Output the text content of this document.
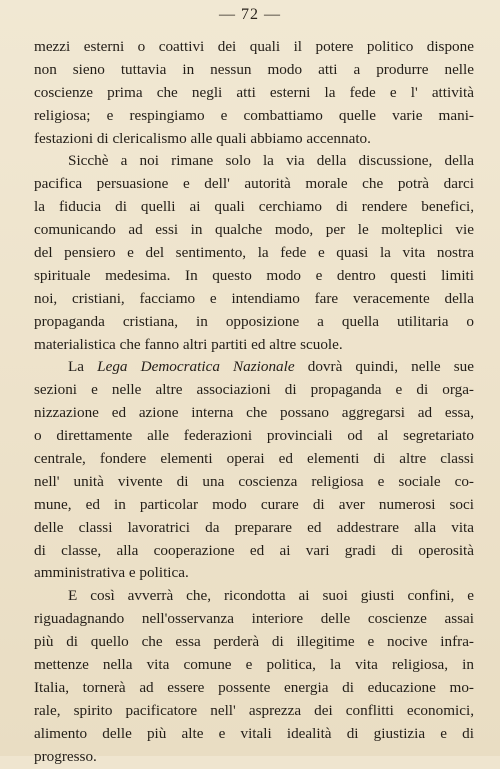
— 72 —
mezzi esterni o coattivi dei quali il potere politico dispone
non sieno tuttavia in nessun modo atti a produrre nelle
coscienze prima che negli atti esterni la fede e l' attività
religiosa; e respingiamo e combattiamo quelle varie mani-
festazioni di clericalismo alle quali abbiamo accennato.
Sicchè a noi rimane solo la via della discussione, della
pacifica persuasione e dell' autorità morale che potrà darci
la fiducia di quelli ai quali cerchiamo di rendere benefici,
comunicando ad essi in qualche modo, per le molteplici vie
del pensiero e del sentimento, la fede e quasi la vita nostra
spirituale medesima. In questo modo e dentro questi limiti
noi, cristiani, facciamo e intendiamo fare veracemente della
propaganda cristiana, in opposizione a quella utilitaria o
materialistica che fanno altri partiti ed altre scuole.
La Lega Democratica Nazionale dovrà quindi, nelle sue
sezioni e nelle altre associazioni di propaganda e di orga-
nizzazione ed azione interna che possano aggregarsi ad essa,
o direttamente alle federazioni provinciali od al segretariato
centrale, fondere elementi operai ed elementi di altre classi
nell' unità vivente di una coscienza religiosa e sociale co-
mune, ed in particolar modo curare di aver numerosi soci
delle classi lavoratrici da preparare ed addestrare alla vita
di classe, alla cooperazione ed ai vari gradi di operosità
amministrativa e politica.
E così avverrà che, ricondotta ai suoi giusti confini, e
riguadagnando nell'osservanza interiore delle coscienze assai
più di quello che essa perderà di illegitime e nocive infra-
mettenze nella vita comune e politica, la vita religiosa, in
Italia, tornerà ad essere possente energia di educazione mo-
rale, spirito pacificatore nell' asprezza dei conflitti economici,
alimento delle più alte e vitali idealità di giustizia e di
progresso.
